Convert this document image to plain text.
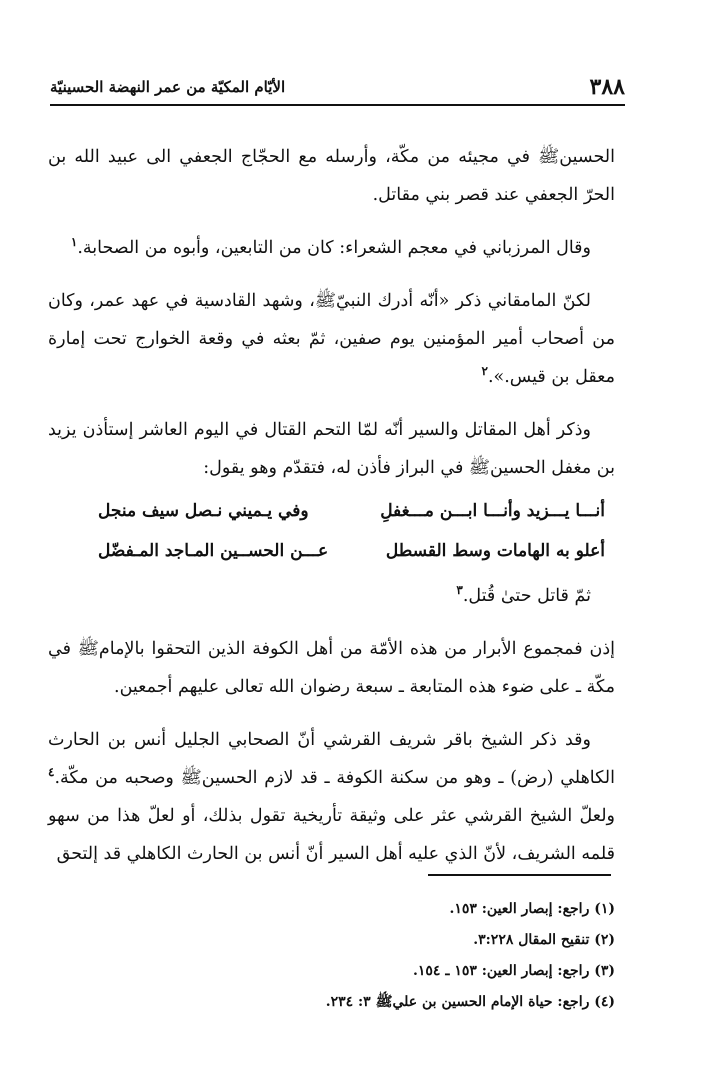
٣٨٨
الأيّام المكيّة من عمر النهضة الحسينيّة

الحسينﷺ في مجيئه من مكّة، وأرسله مع الحجّاج الجعفي الى عبيد الله بن الحرّ الجعفي عند قصر بني مقاتل.

وقال المرزباني في معجم الشعراء: كان من التابعين، وأبوه من الصحابة.$^١$

لكنّ المامقاني ذكر «أنّه أدرك النبيّﷺ، وشهد القادسية في عهد عمر، وكان من أصحاب أمير المؤمنين يوم صفين، ثمّ بعثه في وقعة الخوارج تحت إمارة معقل بن قيس.».$^٢$

وذكر أهل المقاتل والسير أنّه لمّا التحم القتال في اليوم العاشر إستأذن يزيد بن مغفل الحسينﷺ في البراز فأذن له، فتقدّم وهو يقول:

أنـــا يـــزيد وأنـــا ابـــن مـــغفلِ
وفي يـميني نـصل سيف منجل
أعلو به الهامات وسط القسطل
عـــن الحســين المـاجد المـفضّل

ثمّ قاتل حتىٰ قُتل.$^٣$

إذن فمجموع الأبرار من هذه الأمّة من أهل الكوفة الذين التحقوا بالإمامﷺ في مكّة ـ على ضوء هذه المتابعة ـ سبعة رضوان الله تعالى عليهم أجمعين.

وقد ذكر الشيخ باقر شريف القرشي أنّ الصحابي الجليل أنس بن الحارث الكاهلي (رض) ـ وهو من سكنة الكوفة ـ قد لازم الحسينﷺ وصحبه من مكّة.$^٤$ ولعلّ الشيخ القرشي عثر على وثيقة تأريخية تقول بذلك، أو لعلّ هذا من سهو قلمه الشريف، لأنّ الذي عليه أهل السير أنّ أنس بن الحارث الكاهلي قد إلتحق

(١) راجع: إبصار العين: ١٥٣.

(٢) تنقيح المقال ٣:٢٢٨.

(٣) راجع: إبصار العين: ١٥٣ ـ ١٥٤.

(٤) راجع: حياة الإمام الحسين بن عليﷺ ٣: ٢٣٤.
